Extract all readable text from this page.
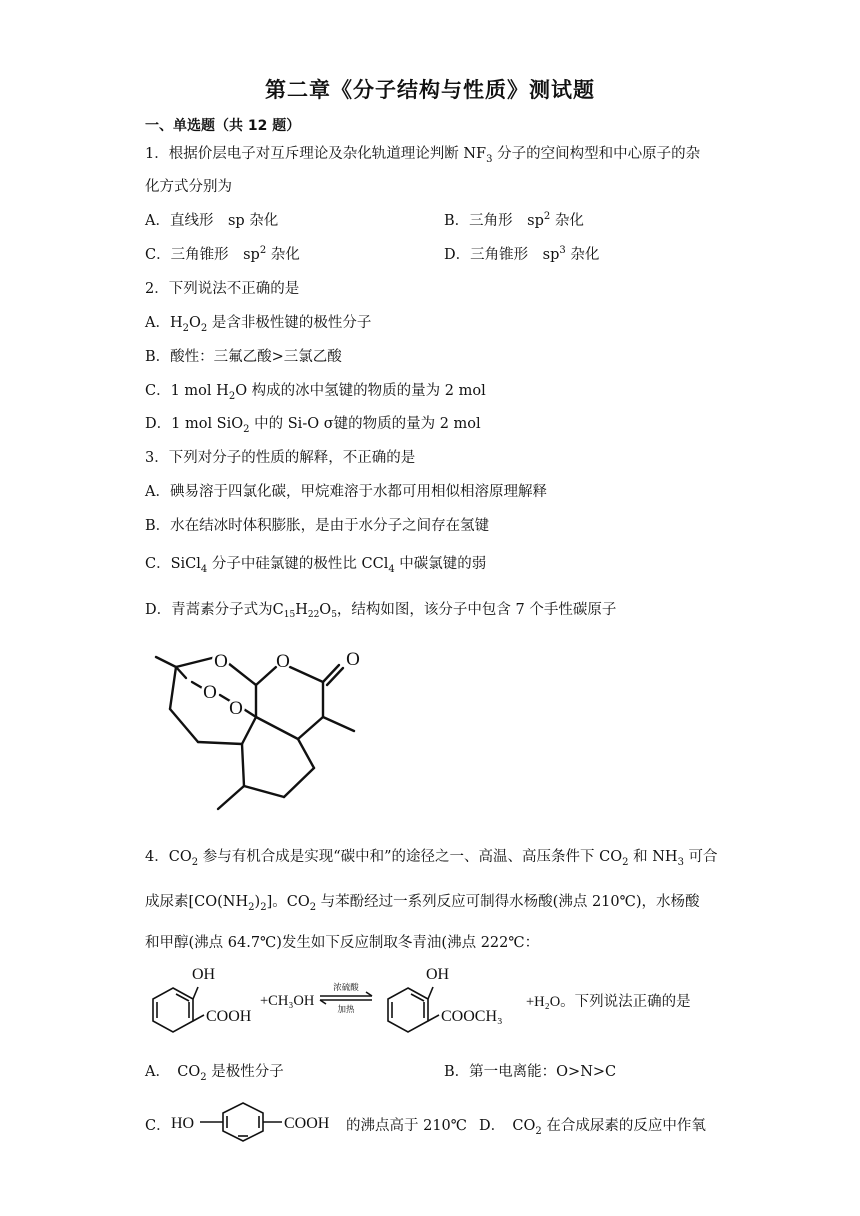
第二章《分子结构与性质》测试题
一、单选题（共 12 题）
1．根据价层电子对互斥理论及杂化轨道理论判断 $NF_3$ 分子的空间构型和中心原子的杂
化方式分别为
A．直线形　sp 杂化	B．三角形　$sp^2$ 杂化
C．三角锥形　$sp^2$ 杂化	D．三角锥形　$sp^3$ 杂化
2．下列说法不正确的是
A．$H_2O_2$ 是含非极性键的极性分子
B．酸性：三氟乙酸>三氯乙酸
C．1 mol $H_2O$ 构成的冰中氢键的物质的量为 2 mol
D．1 mol SiO$_2$ 中的 Si-O σ键的物质的量为 2 mol
3．下列对分子的性质的解释，不正确的是
A．碘易溶于四氯化碳，甲烷难溶于水都可用相似相溶原理解释
B．水在结冰时体积膨胀，是由于水分子之间存在氢键
C．SiCl$_4$ 分子中硅氯键的极性比 CCl$_4$ 中碳氯键的弱
D．青蒿素分子式为$C_{15}H_{22}O_5$，结构如图，该分子中包含 7 个手性碳原子
O	O	O
O
O
4．$CO_2$ 参与有机合成是实现“碳中和”的途径之一、高温、高压条件下 $CO_2$ 和 $NH_3$ 可合
成尿素$[CO(NH_2)_2]$。$CO_2$ 与苯酚经过一系列反应可制得水杨酸(沸点 210℃)，水杨酸
和甲醇(沸点 64.7℃)发生如下反应制取冬青油(沸点 222℃：
OH
COOH
+CH₃OH
浓硫酸
加热
OH
COOCH₃
+H₂O。下列说法正确的是
A．　$CO_2$ 是极性分子	B．第一电离能：O>N>C
C． HO	COOH 的沸点高于 210℃ D．　$CO_2$ 在合成尿素的反应中作氧
